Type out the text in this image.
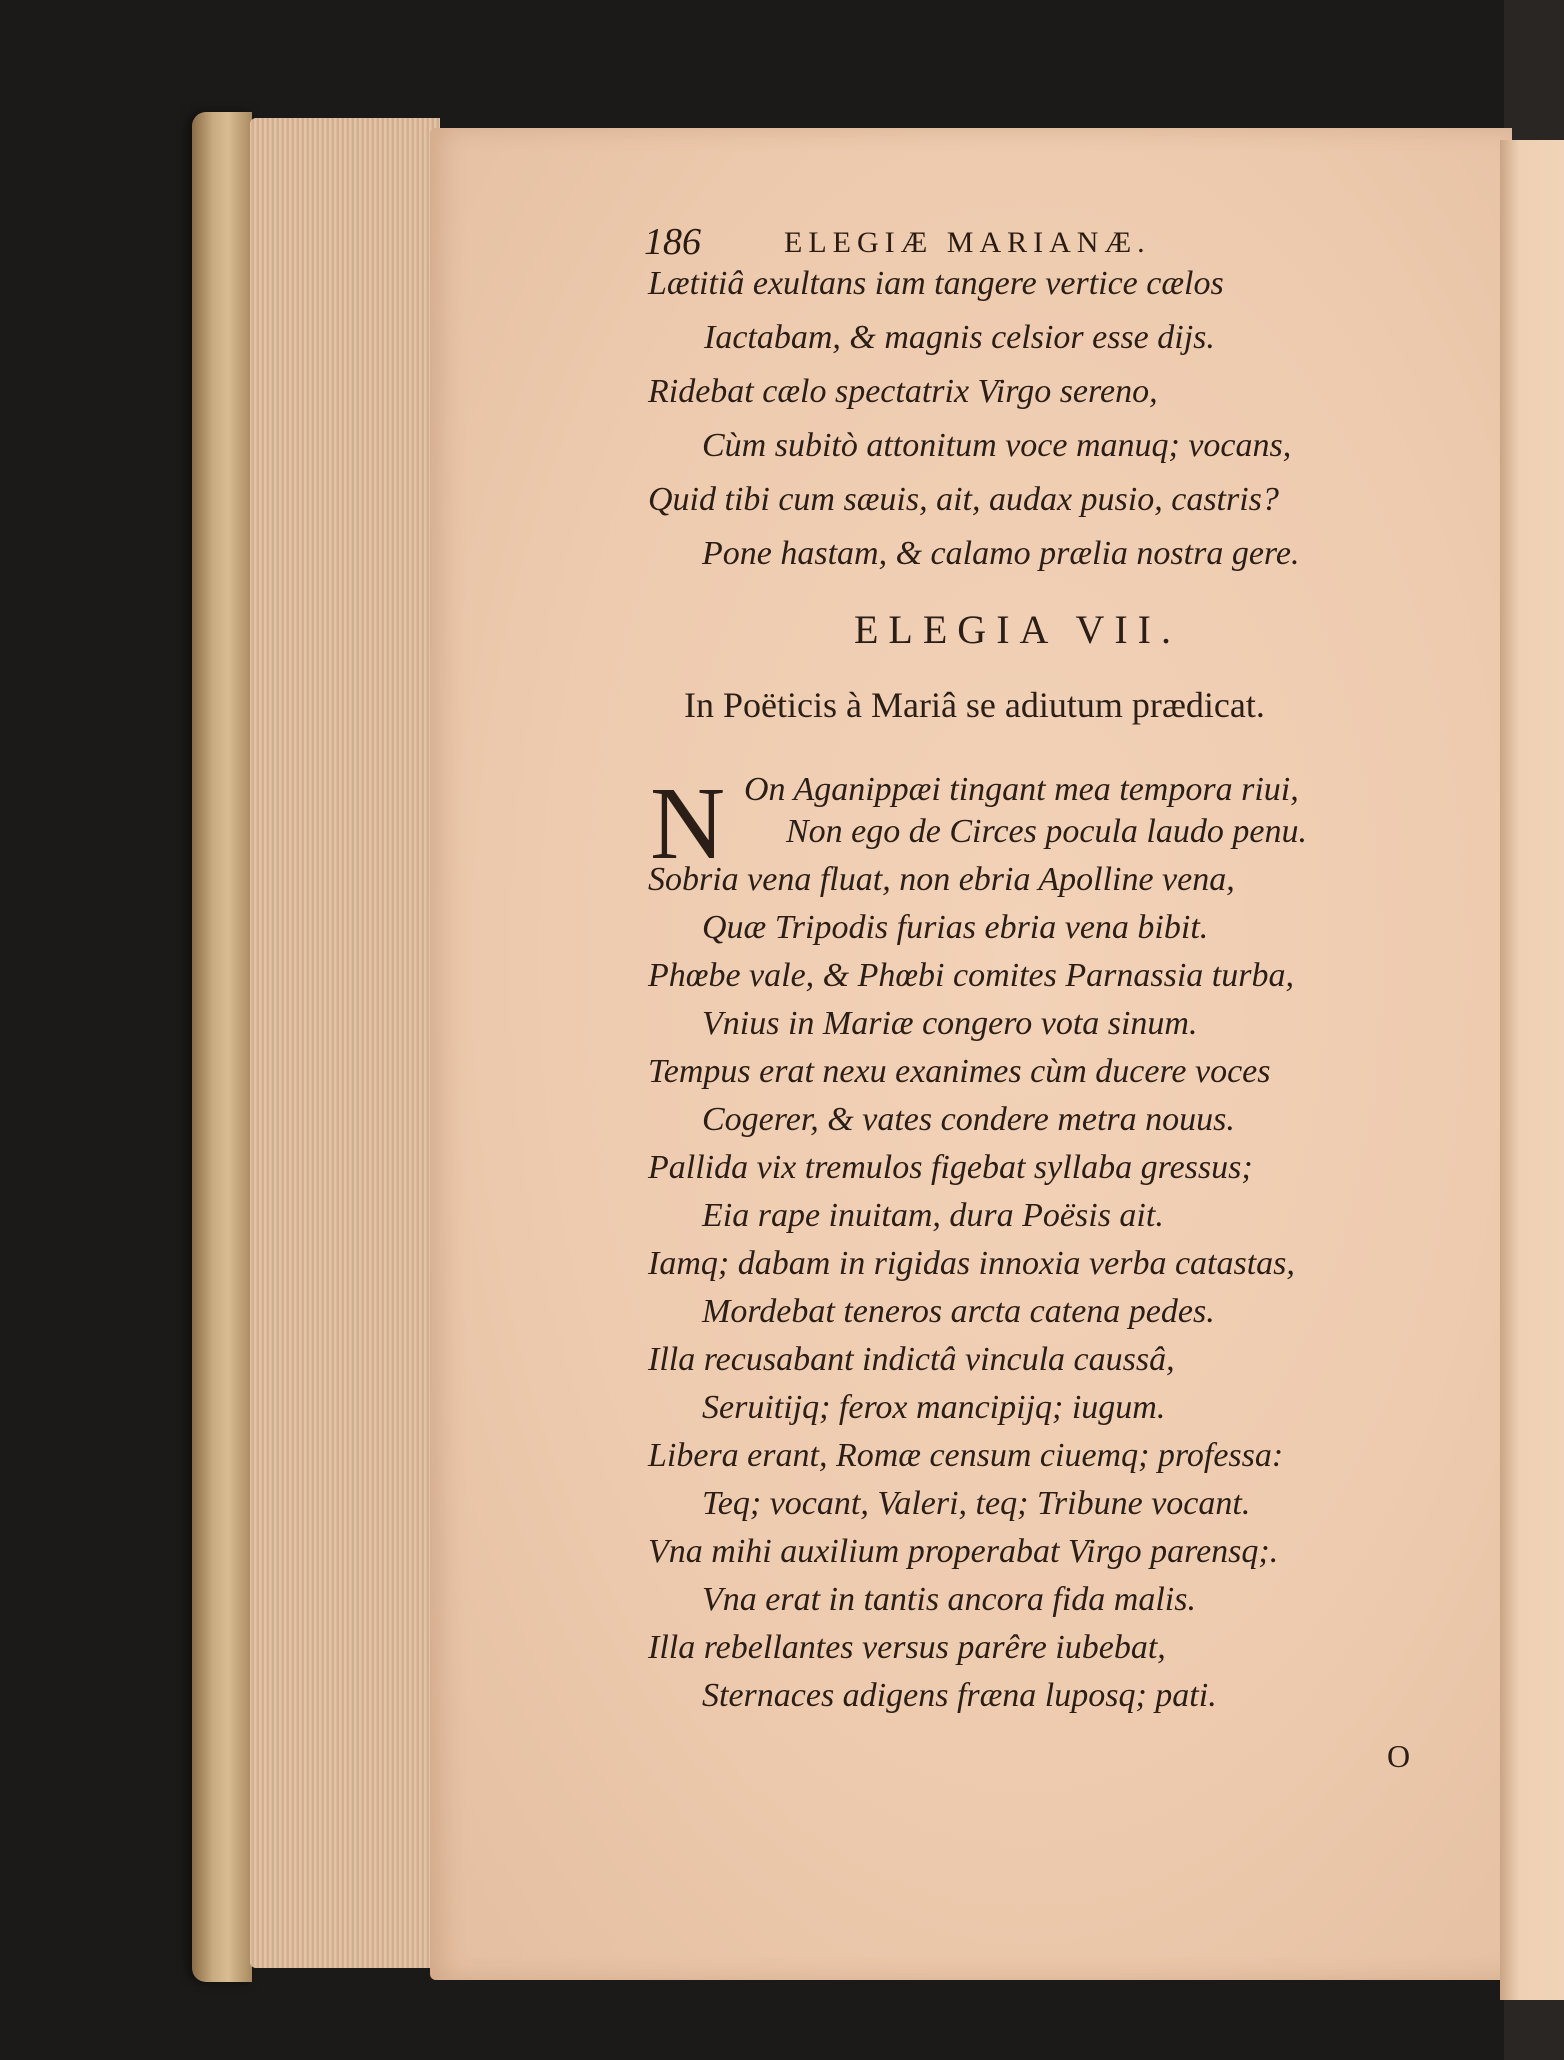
186	ELEGIÆ MARIANÆ.
Lætitiâ exultans iam tangere vertice cælos
Iactabam, & magnis celsior esse dijs.
Ridebat cælo spectatrix Virgo sereno,
Cùm subitò attonitum voce manuq; vocans,
Quid tibi cum sæuis, ait, audax pusio, castris?
Pone hastam, & calamo prælia nostra gere.
ELEGIA VII.
In Poëticis à Mariâ se adiutum prædicat.
N On Aganippæi tingant mea tempora riui,
Non ego de Circes pocula laudo penu.
Sobria vena fluat, non ebria Apolline vena,
Quæ Tripodis furias ebria vena bibit.
Phœbe vale, & Phœbi comites Parnassia turba,
Vnius in Mariæ congero vota sinum.
Tempus erat nexu exanimes cùm ducere voces
Cogerer, & vates condere metra nouus.
Pallida vix tremulos figebat syllaba gressus;
Eia rape inuitam, dura Poësis ait.
Iamq; dabam in rigidas innoxia verba catastas,
Mordebat teneros arcta catena pedes.
Illa recusabant indictâ vincula caussâ,
Seruitijq; ferox mancipijq; iugum.
Libera erant, Romæ censum ciuemq; professa:
Teq; vocant, Valeri, teq; Tribune vocant.
Vna mihi auxilium properabat Virgo parensq;.
Vna erat in tantis ancora fida malis.
Illa rebellantes versus parêre iubebat,
Sternaces adigens fræna luposq; pati.
O
